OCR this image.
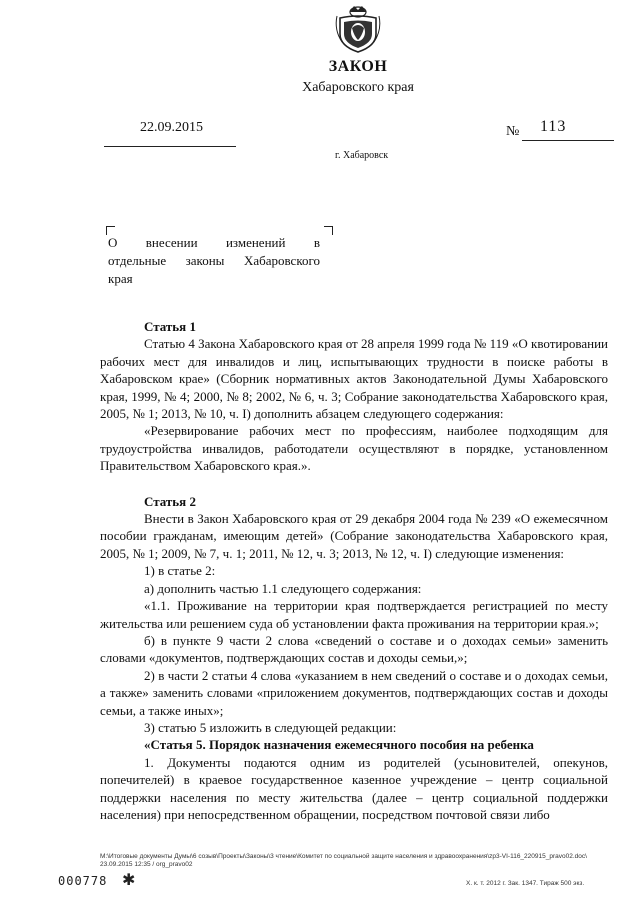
ЗАКОН
Хабаровского края
22.09.2015	№ 113
г. Хабаровск

О внесении изменений в

отдельные законы Хабаровского

края

Статья 1

Статью 4 Закона Хабаровского края от 28 апреля 1999 года № 119 «О квотировании рабочих мест для инвалидов и лиц, испытывающих трудности в поиске работы в Хабаровском крае» (Сборник нормативных актов Законодательной Думы Хабаровского края, 1999, № 4; 2000, № 8; 2002, № 6, ч. 3; Собрание законодательства Хабаровского края, 2005, № 1; 2013, № 10, ч. I) дополнить абзацем следующего содержания:

«Резервирование рабочих мест по профессиям, наиболее подходящим для трудоустройства инвалидов, работодатели осуществляют в порядке, установленном Правительством Хабаровского края.».

Статья 2

Внести в Закон Хабаровского края от 29 декабря 2004 года № 239 «О ежемесячном пособии гражданам, имеющим детей» (Собрание законодательства Хабаровского края, 2005, № 1; 2009, № 7, ч. 1; 2011, № 12, ч. 3; 2013, № 12, ч. I) следующие изменения:

1) в статье 2:

а) дополнить частью 1.1 следующего содержания:

«1.1. Проживание на территории края подтверждается регистрацией по месту жительства или решением суда об установлении факта проживания на территории края.»;

б) в пункте 9 части 2 слова «сведений о составе и о доходах семьи» заменить словами «документов, подтверждающих состав и доходы семьи,»;

2) в части 2 статьи 4 слова «указанием в нем сведений о составе и о доходах семьи, а также» заменить словами «приложением документов, подтверждающих состав и доходы семьи, а также иных»;

3) статью 5 изложить в следующей редакции:

«Статья 5. Порядок назначения ежемесячного пособия на ребенка

1. Документы подаются одним из родителей (усыновителей, опекунов, попечителей) в краевое государственное казенное учреждение – центр социальной поддержки населения по месту жительства (далее – центр социальной поддержки населения) при непосредственном обращении, посредством почтовой связи либо

M:\Итоговые документы Думы\6 созыв\Проекты\Законы\3 чтение\Комитет по социальной защите населения и здравоохранения\zp3-VI-116_220915_pravo02.doc\ 23.09.2015 12:35 / org_pravo02
000778 ✱	Х. к. т. 2012 г. Зак. 1347. Тираж 500 экз.
